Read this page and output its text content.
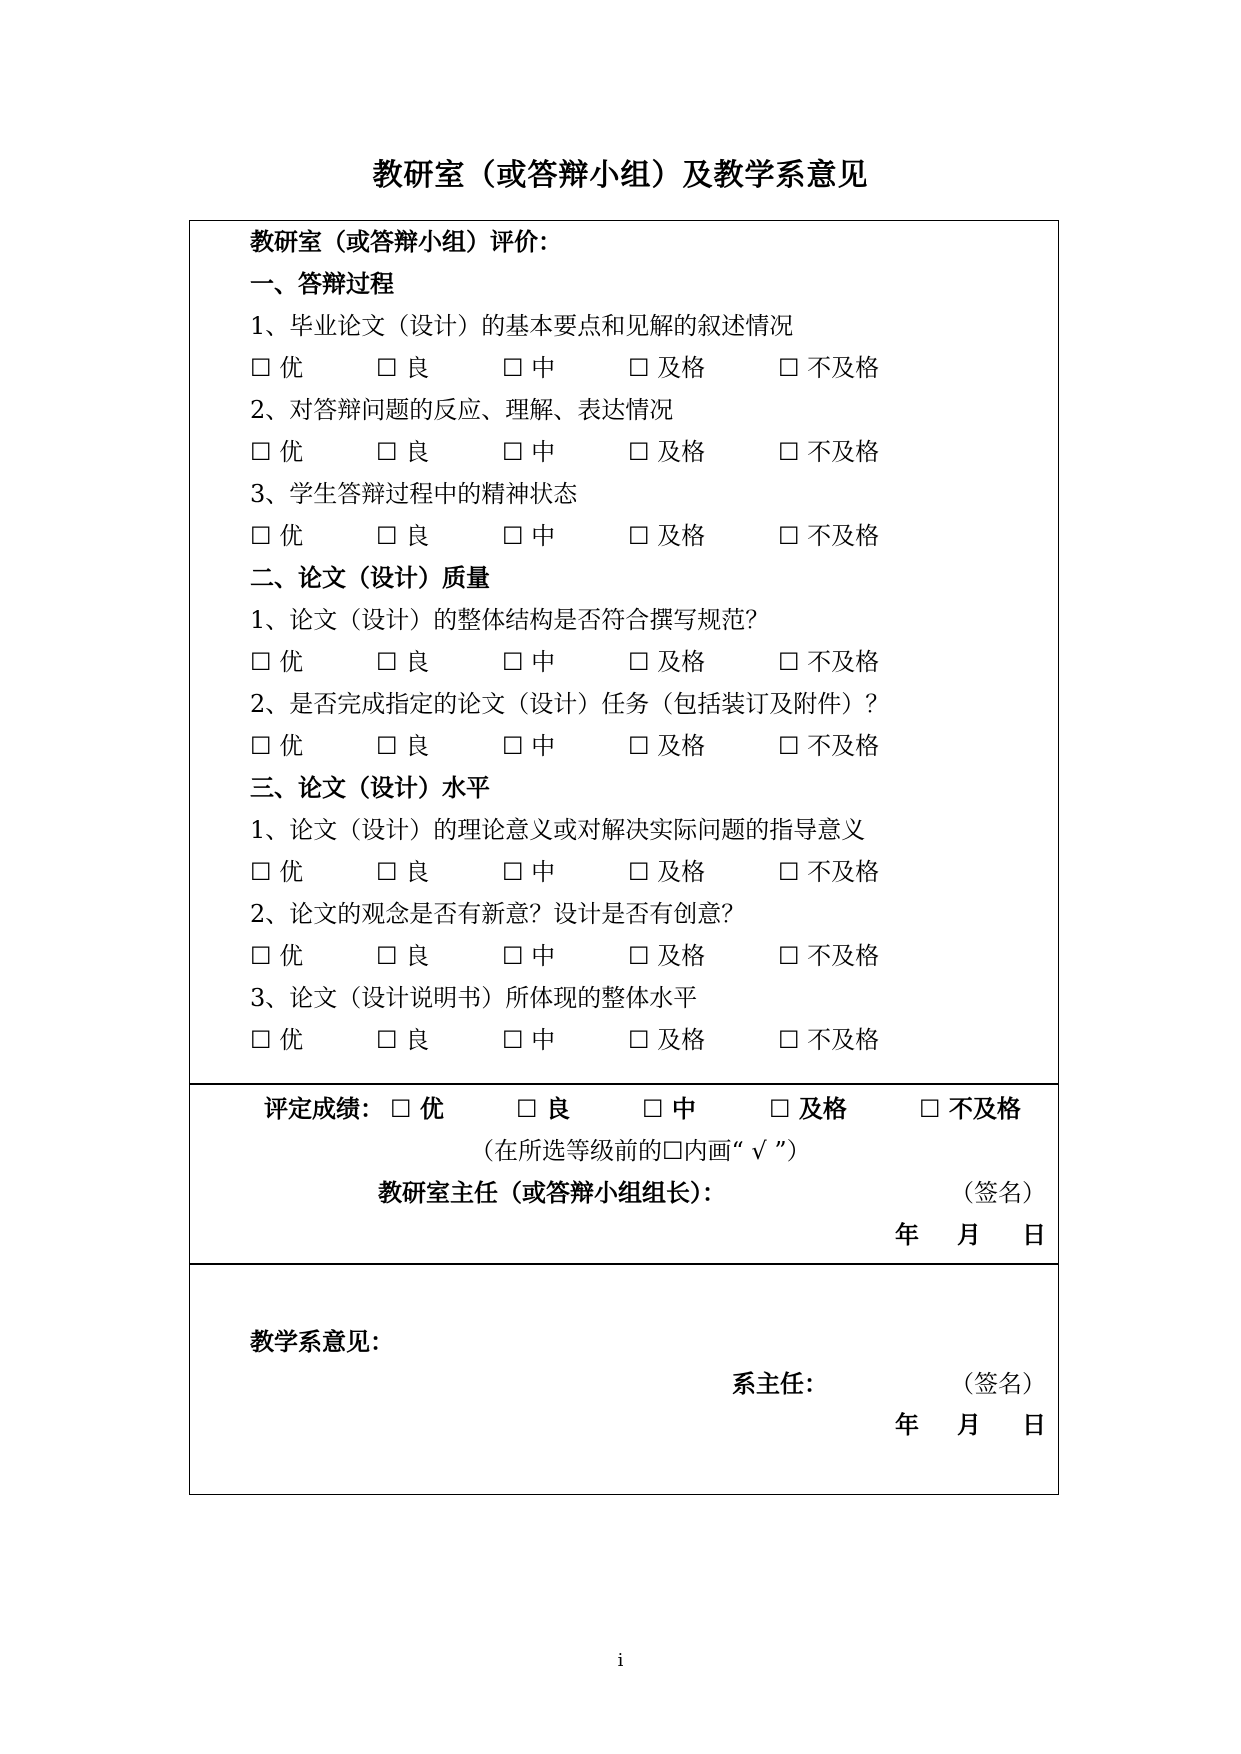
教研室（或答辩小组）及教学系意见
教研室（或答辩小组）评价：
一、答辩过程
1、毕业论文（设计）的基本要点和见解的叙述情况
☐ 优	☐ 良	☐ 中	☐ 及格	☐ 不及格
2、对答辩问题的反应、理解、表达情况
☐ 优	☐ 良	☐ 中	☐ 及格	☐ 不及格
3、学生答辩过程中的精神状态
☐ 优	☐ 良	☐ 中	☐ 及格	☐ 不及格
二、论文（设计）质量
1、论文（设计）的整体结构是否符合撰写规范？
☐ 优	☐ 良	☐ 中	☐ 及格	☐ 不及格
2、是否完成指定的论文（设计）任务（包括装订及附件）？
☐ 优	☐ 良	☐ 中	☐ 及格	☐ 不及格
三、论文（设计）水平
1、论文（设计）的理论意义或对解决实际问题的指导意义
☐ 优	☐ 良	☐ 中	☐ 及格	☐ 不及格
2、论文的观念是否有新意？设计是否有创意？
☐ 优	☐ 良	☐ 中	☐ 及格	☐ 不及格
3、论文（设计说明书）所体现的整体水平
☐ 优	☐ 良	☐ 中	☐ 及格	☐ 不及格
评定成绩： ☐ 优	☐ 良	☐ 中	☐ 及格	☐ 不及格
（在所选等级前的☐内画“ √ ”）
教研室主任（或答辩小组组长）：	（签名）
年 月 日
教学系意见：
系主任：	（签名）
年 月 日
i
